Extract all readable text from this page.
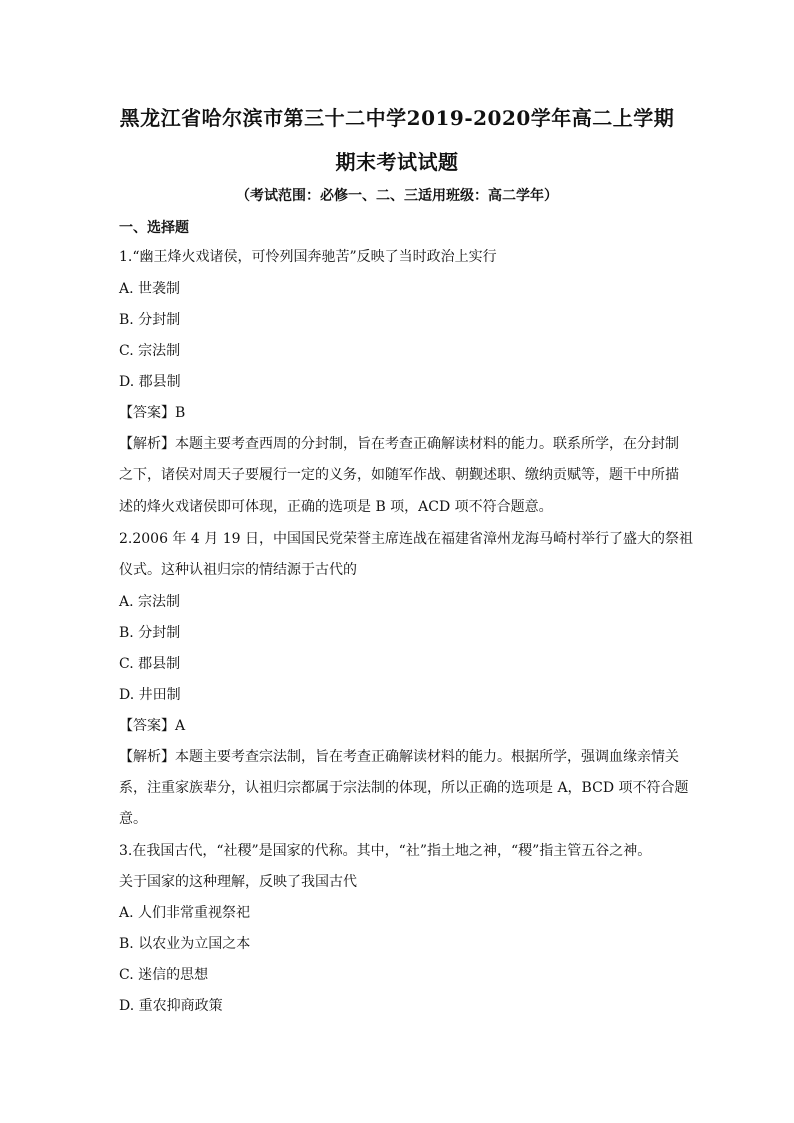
黑龙江省哈尔滨市第三十二中学2019-2020学年高二上学期
期末考试试题
（考试范围：必修一、二、三适用班级：高二学年）
一、选择题
1.“幽王烽火戏诸侯，可怜列国奔驰苦”反映了当时政治上实行
A. 世袭制
B. 分封制
C. 宗法制
D. 郡县制
【答案】B
【解析】本题主要考查西周的分封制，旨在考查正确解读材料的能力。联系所学，在分封制
之下，诸侯对周天子要履行一定的义务，如随军作战、朝觐述职、缴纳贡赋等，题干中所描
述的烽火戏诸侯即可体现，正确的选项是 B 项，ACD 项不符合题意。
2.2006 年 4 月 19 日，中国国民党荣誉主席连战在福建省漳州龙海马崎村举行了盛大的祭祖
仪式。这种认祖归宗的情结源于古代的
A. 宗法制
B. 分封制
C. 郡县制
D. 井田制
【答案】A
【解析】本题主要考查宗法制，旨在考查正确解读材料的能力。根据所学，强调血缘亲情关
系，注重家族辈分，认祖归宗都属于宗法制的体现，所以正确的选项是 A，BCD 项不符合题
意。
3.在我国古代，“社稷”是国家的代称。其中，“社”指土地之神，“稷”指主管五谷之神。
关于国家的这种理解，反映了我国古代
A. 人们非常重视祭祀
B. 以农业为立国之本
C. 迷信的思想
D. 重农抑商政策
